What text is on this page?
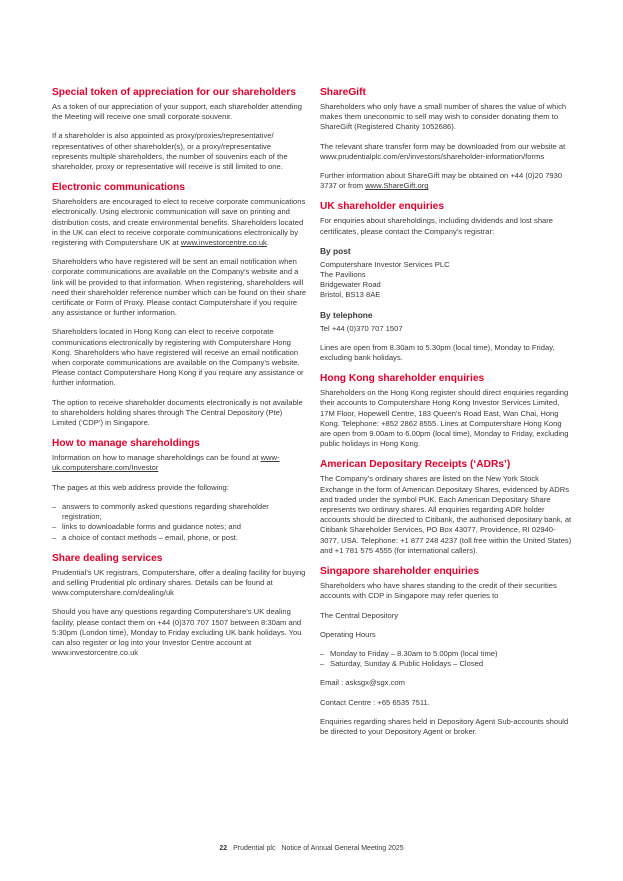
Special token of appreciation for our shareholders

As a token of our appreciation of your support, each shareholder attending the Meeting will receive one small corporate souvenir.

If a shareholder is also appointed as proxy/proxies/representative/ representatives of other shareholder(s), or a proxy/representative represents multiple shareholders, the number of souvenirs each of the shareholder, proxy or representative will receive is still limited to one.

Electronic communications

Shareholders are encouraged to elect to receive corporate communications electronically. Using electronic communication will save on printing and distribution costs, and create environmental benefits. Shareholders located in the UK can elect to receive corporate communications electronically by registering with Computershare UK at www.investorcentre.co.uk.

Shareholders who have registered will be sent an email notification when corporate communications are available on the Company’s website and a link will be provided to that information. When registering, shareholders will need their shareholder reference number which can be found on their share certificate or Form of Proxy. Please contact Computershare if you require any assistance or further information.

Shareholders located in Hong Kong can elect to receive corporate communications electronically by registering with Computershare Hong Kong. Shareholders who have registered will receive an email notification when corporate communications are available on the Company’s website. Please contact Computershare Hong Kong if you require any assistance or further information.

The option to receive shareholder documents electronically is not available to shareholders holding shares through The Central Depository (Pte) Limited (‘CDP’) in Singapore.

How to manage shareholdings

Information on how to manage shareholdings can be found at www-uk.computershare.com/Investor

The pages at this web address provide the following:

– answers to commonly asked questions regarding shareholder registration;
– links to downloadable forms and guidance notes; and
– a choice of contact methods – email, phone, or post.
Share dealing services

Prudential’s UK registrars, Computershare, offer a dealing facility for buying and selling Prudential plc ordinary shares. Details can be found at www.computershare.com/dealing/uk

Should you have any questions regarding Computershare’s UK dealing facility, please contact them on +44 (0)370 707 1507 between 8:30am and 5:30pm (London time), Monday to Friday excluding UK bank holidays. You can also register or log into your Investor Centre account at www.investorcentre.co.uk

ShareGift

Shareholders who only have a small number of shares the value of which makes them uneconomic to sell may wish to consider donating them to ShareGift (Registered Charity 1052686).

The relevant share transfer form may be downloaded from our website at www.prudentialplc.com/en/investors/shareholder-information/forms

Further information about ShareGift may be obtained on +44 (0)20 7930 3737 or from www.ShareGift.org

UK shareholder enquiries

For enquiries about shareholdings, including dividends and lost share certificates, please contact the Company’s registrar:

By post

Computershare Investor Services PLC
The Pavilions
Bridgewater Road
Bristol, BS13 8AE

By telephone

Tel +44 (0)370 707 1507

Lines are open from 8.30am to 5.30pm (local time), Monday to Friday, excluding bank holidays.

Hong Kong shareholder enquiries

Shareholders on the Hong Kong register should direct enquiries regarding their accounts to Computershare Hong Kong Investor Services Limited, 17M Floor, Hopewell Centre, 183 Queen’s Road East, Wan Chai, Hong Kong. Telephone: +852 2862 8555. Lines at Computershare Hong Kong are open from 9.00am to 6.00pm (local time), Monday to Friday, excluding public holidays in Hong Kong.

American Depositary Receipts (‘ADRs’)

The Company’s ordinary shares are listed on the New York Stock Exchange in the form of American Depositary Shares, evidenced by ADRs and traded under the symbol PUK. Each American Depositary Share represents two ordinary shares. All enquiries regarding ADR holder accounts should be directed to Citibank, the authorised depositary bank, at Citibank Shareholder Services, PO Box 43077, Providence, RI 02940-3077, USA. Telephone: +1 877 248 4237 (toll free within the United States) and +1 781 575 4555 (for international callers).

Singapore shareholder enquiries

Shareholders who have shares standing to the credit of their securities accounts with CDP in Singapore may refer queries to

The Central Depository

Operating Hours

– Monday to Friday – 8.30am to 5.00pm (local time)
– Saturday, Sunday & Public Holidays – Closed

Email : asksgx@sgx.com

Contact Centre : +65 6535 7511.

Enquiries regarding shares held in Depository Agent Sub-accounts should be directed to your Depository Agent or broker.

22 Prudential plc Notice of Annual General Meeting 2025
